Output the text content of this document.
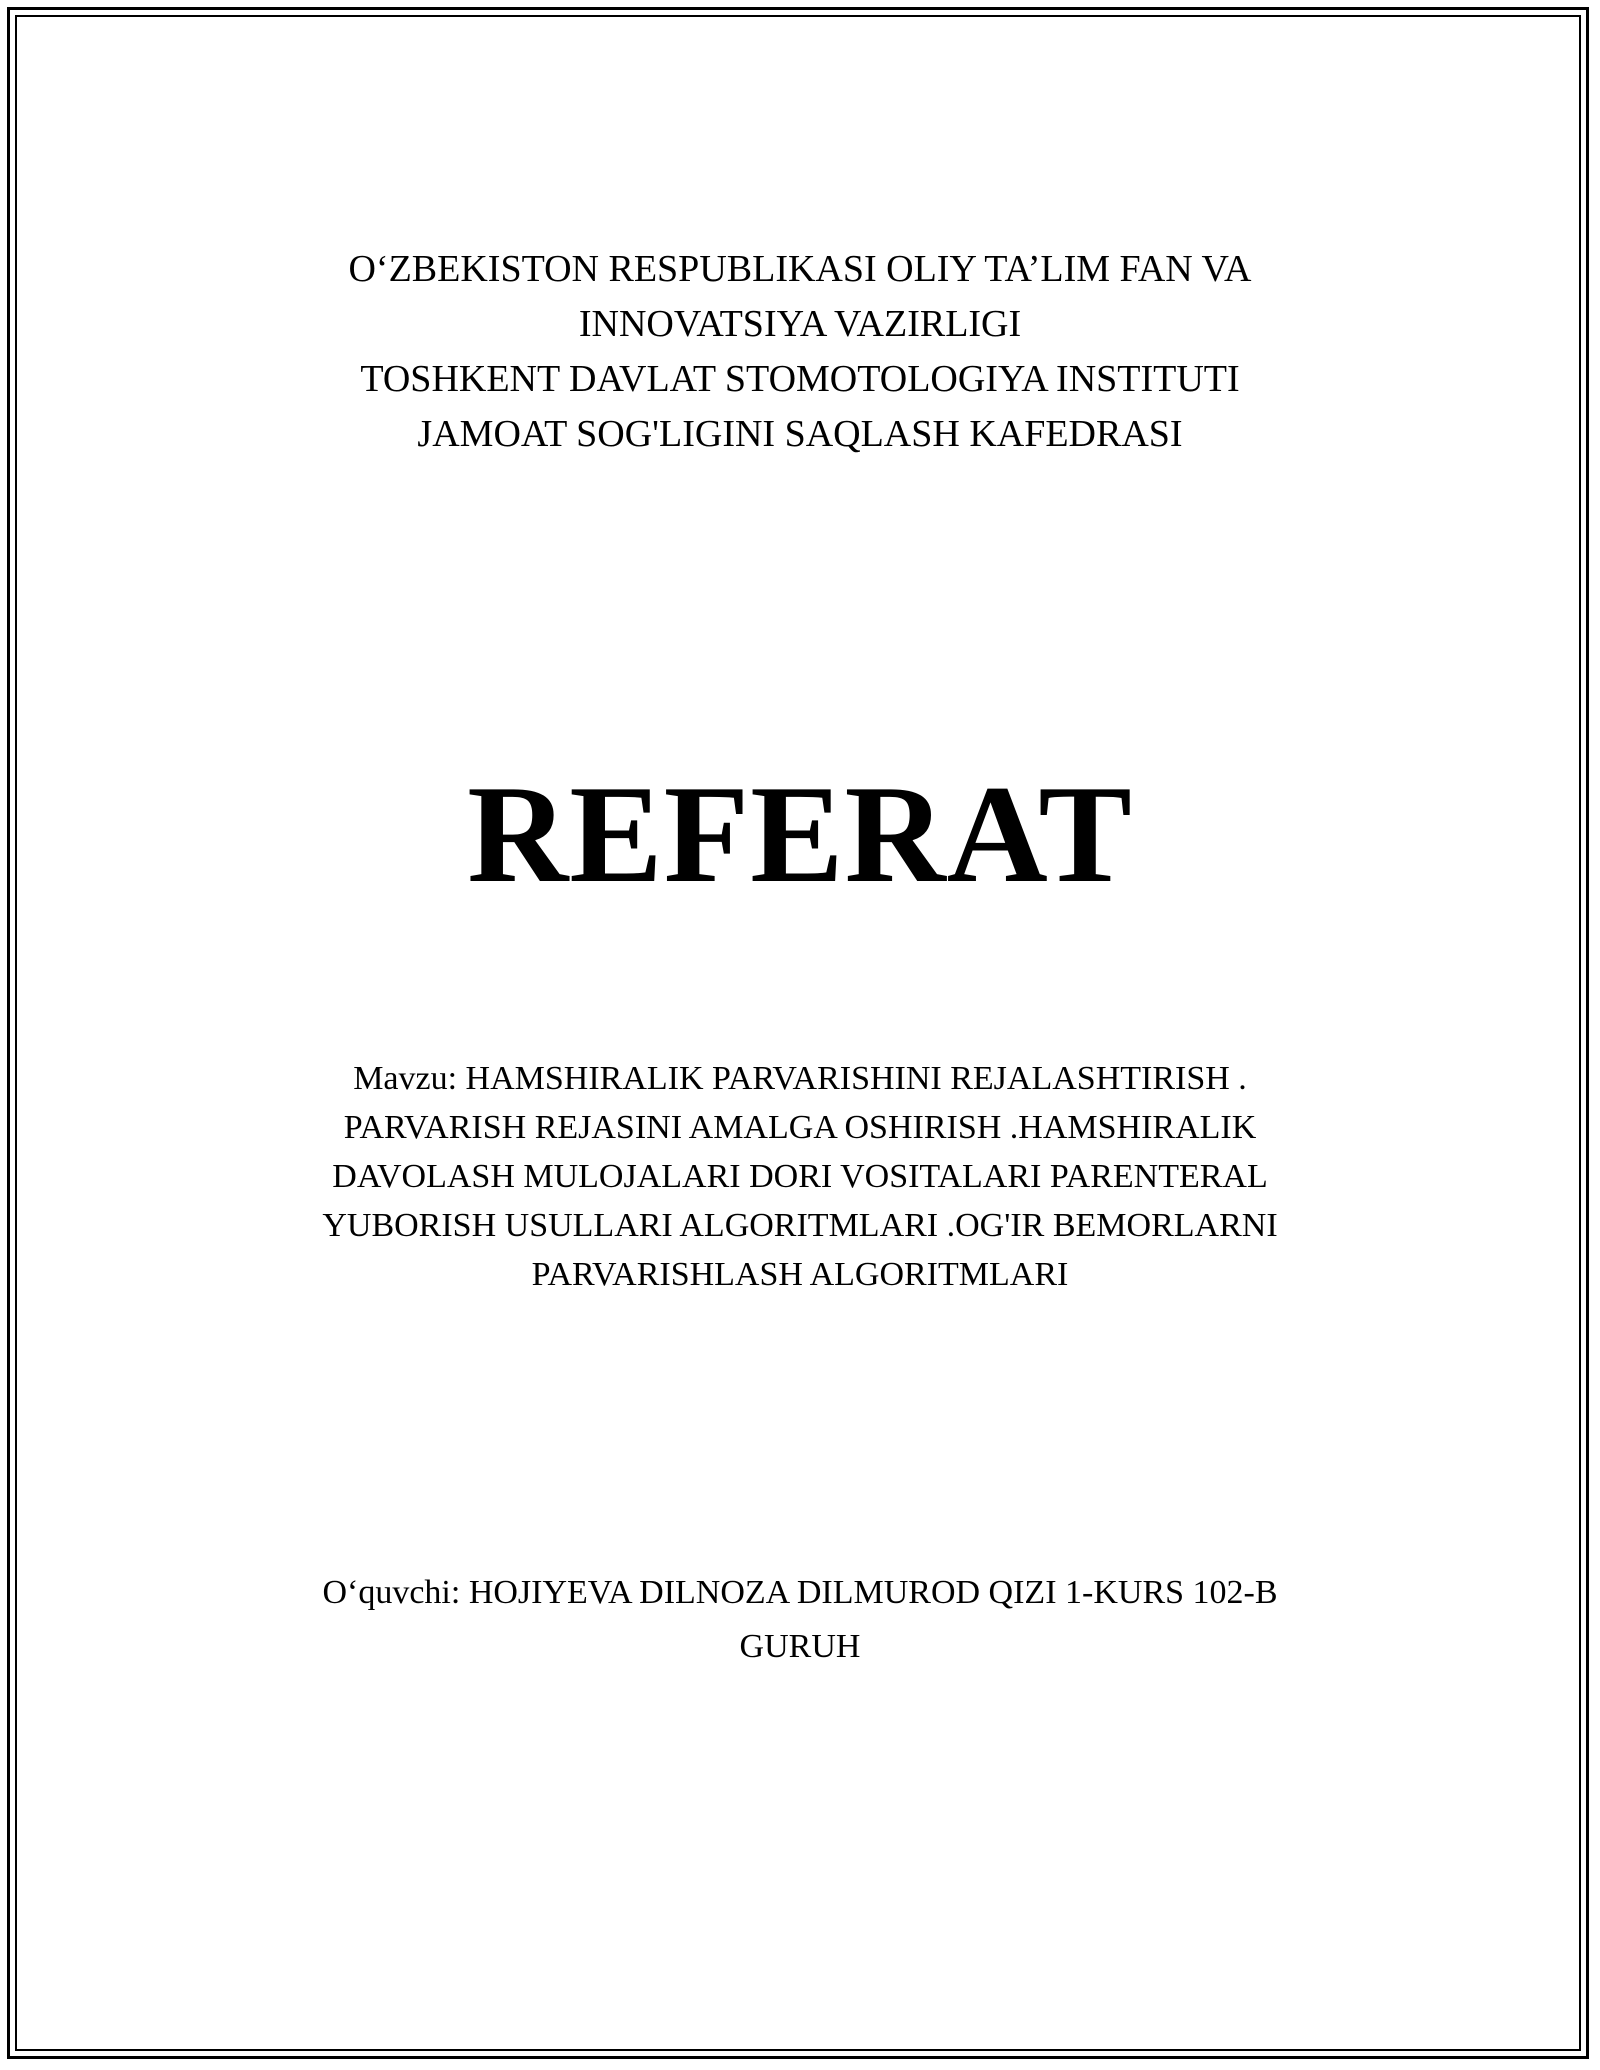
O‘ZBEKISTON RESPUBLIKASI OLIY TA’LIM FAN VA
INNOVATSIYA VAZIRLIGI
TOSHKENT DAVLAT STOMOTOLOGIYA INSTITUTI
JAMOAT SOG'LIGINI SAQLASH KAFEDRASI
REFERAT
Mavzu: HAMSHIRALIK PARVARISHINI REJALASHTIRISH .
PARVARISH REJASINI AMALGA OSHIRISH .HAMSHIRALIK
DAVOLASH MULOJALARI DORI VOSITALARI PARENTERAL
YUBORISH USULLARI ALGORITMLARI .OG'IR BEMORLARNI
PARVARISHLASH ALGORITMLARI
O‘quvchi: HOJIYEVA DILNOZA DILMUROD QIZI 1-KURS 102-B
GURUH
